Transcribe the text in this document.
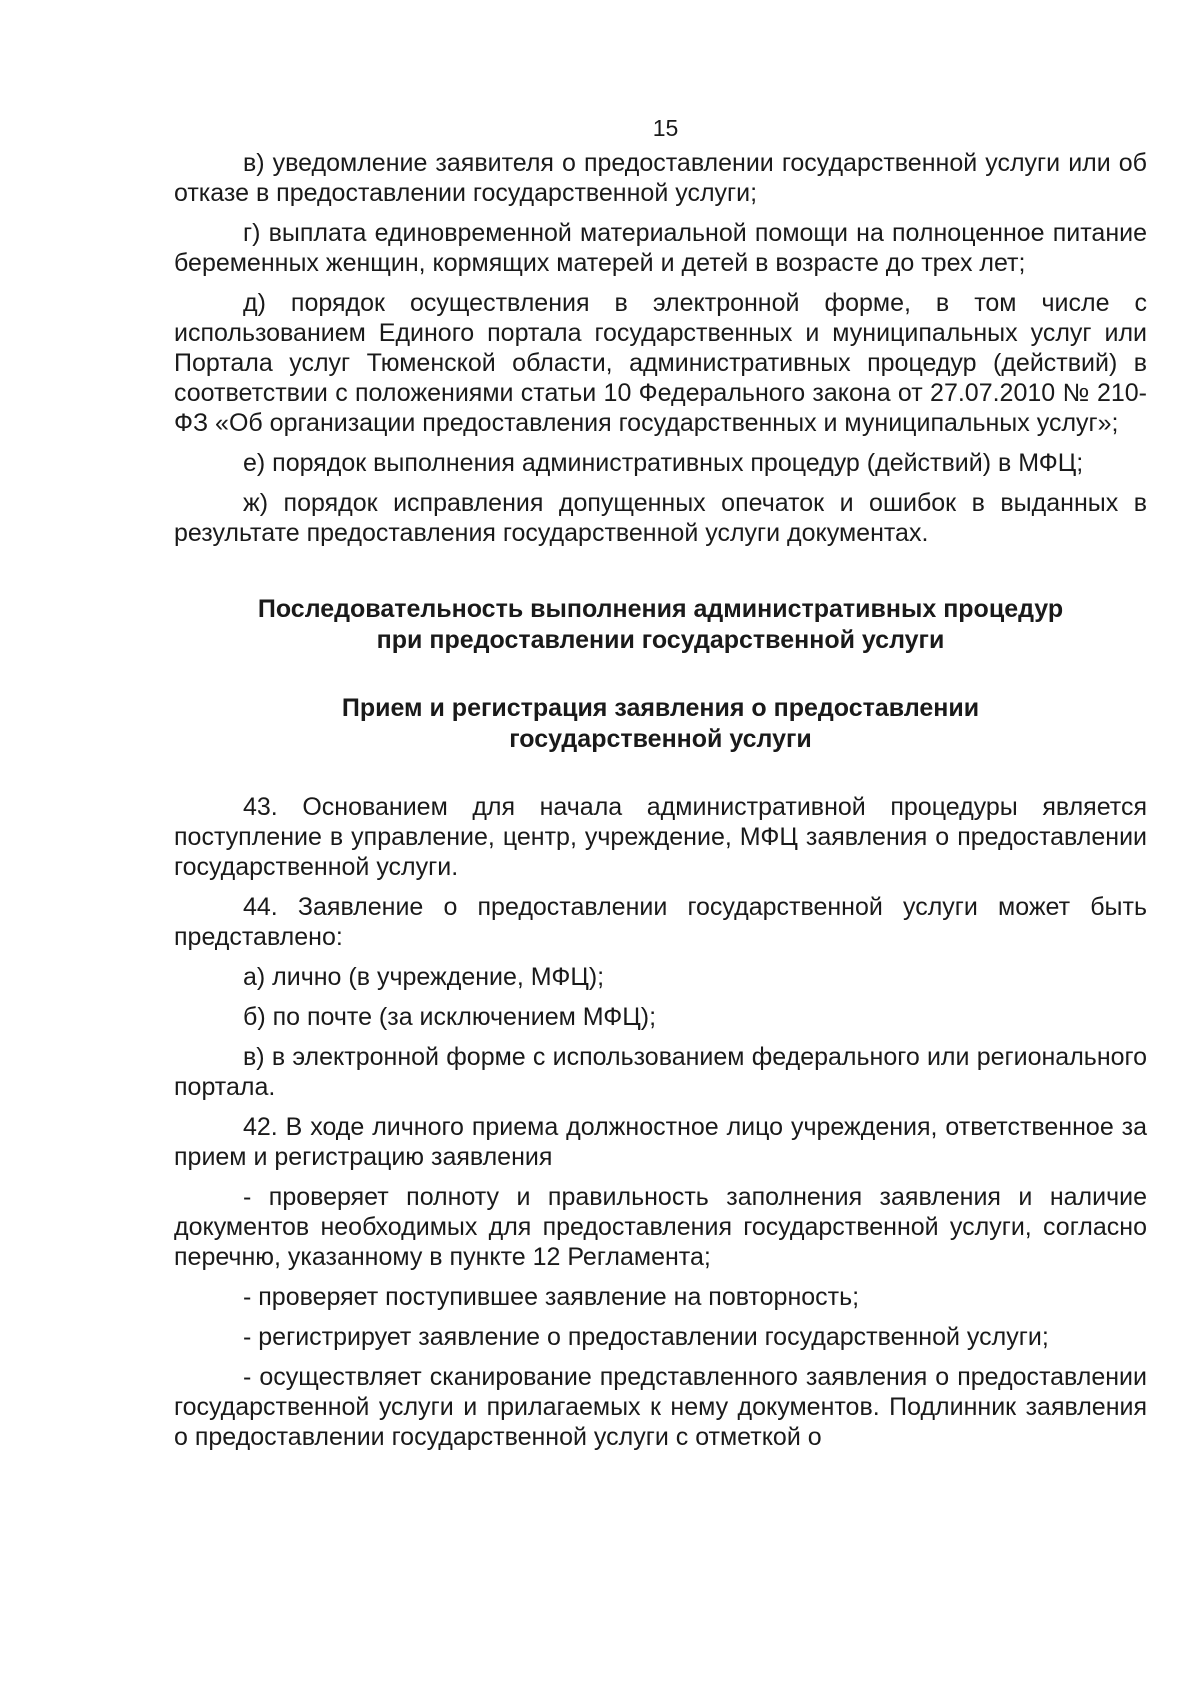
15

в) уведомление заявителя о предоставлении государственной услуги или об отказе в предоставлении государственной услуги;

г) выплата единовременной материальной помощи на полноценное питание беременных женщин, кормящих матерей и детей в возрасте до трех лет;

д) порядок осуществления в электронной форме, в том числе с использованием Единого портала государственных и муниципальных услуг или Портала услуг Тюменской области, административных процедур (действий) в соответствии с положениями статьи 10 Федерального закона от 27.07.2010 № 210-ФЗ «Об организации предоставления государственных и муниципальных услуг»;

е) порядок выполнения административных процедур (действий) в МФЦ;

ж) порядок исправления допущенных опечаток и ошибок в выданных в результате предоставления государственной услуги документах.

Последовательность выполнения административных процедур

при предоставлении государственной услуги

Прием и регистрация заявления о предоставлении

государственной услуги

43. Основанием для начала административной процедуры является поступление в управление, центр, учреждение, МФЦ заявления о предоставлении государственной услуги.

44. Заявление о предоставлении государственной услуги может быть представлено:

а) лично (в учреждение, МФЦ);

б) по почте (за исключением МФЦ);

в) в электронной форме с использованием федерального или регионального портала.

42. В ходе личного приема должностное лицо учреждения, ответственное за прием и регистрацию заявления

- проверяет полноту и правильность заполнения заявления и наличие документов необходимых для предоставления государственной услуги, согласно перечню, указанному в пункте 12 Регламента;

- проверяет поступившее заявление на повторность;

- регистрирует заявление о предоставлении государственной услуги;

- осуществляет сканирование представленного заявления о предоставлении государственной услуги и прилагаемых к нему документов. Подлинник заявления о предоставлении государственной услуги с отметкой о
